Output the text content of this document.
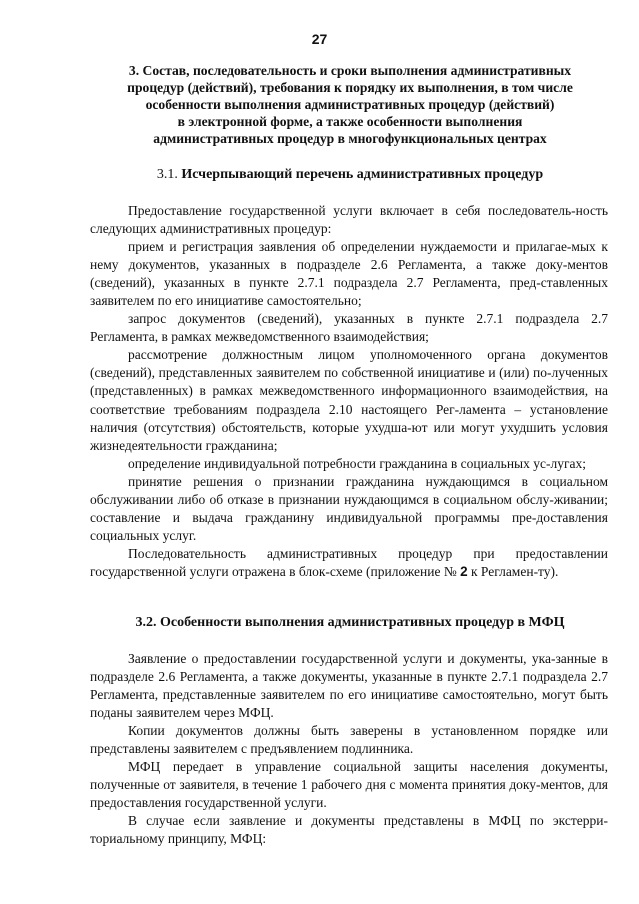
27
3. Состав, последовательность и сроки выполнения административных
процедур (действий), требования к порядку их выполнения, в том числе
особенности выполнения административных процедур (действий)
в электронной форме, а также особенности выполнения
административных процедур в многофункциональных центрах
3.1. Исчерпывающий перечень административных процедур

Предоставление государственной услуги включает в себя последователь-ность следующих административных процедур:

прием и регистрация заявления об определении нуждаемости и прилагае-мых к нему документов, указанных в подразделе 2.6 Регламента, а также доку-ментов (сведений), указанных в пункте 2.7.1 подраздела 2.7 Регламента, пред-ставленных заявителем по его инициативе самостоятельно;

запрос документов (сведений), указанных в пункте 2.7.1 подраздела 2.7 Регламента, в рамках межведомственного взаимодействия;

рассмотрение должностным лицом уполномоченного органа документов (сведений), представленных заявителем по собственной инициативе и (или) по-лученных (представленных) в рамках межведомственного информационного взаимодействия, на соответствие требованиям подраздела 2.10 настоящего Рег-ламента – установление наличия (отсутствия) обстоятельств, которые ухудша-ют или могут ухудшить условия жизнедеятельности гражданина;

определение индивидуальной потребности гражданина в социальных ус-лугах;

принятие решения о признании гражданина нуждающимся в социальном обслуживании либо об отказе в признании нуждающимся в социальном обслу-живании; составление и выдача гражданину индивидуальной программы пре-доставления социальных услуг.

Последовательность административных процедур при предоставлении государственной услуги отражена в блок-схеме (приложение № 2 к Регламен-ту).

3.2. Особенности выполнения административных процедур в МФЦ

Заявление о предоставлении государственной услуги и документы, ука-занные в подразделе 2.6 Регламента, а также документы, указанные в пункте 2.7.1 подраздела 2.7 Регламента, представленные заявителем по его инициативе самостоятельно, могут быть поданы заявителем через МФЦ.

Копии документов должны быть заверены в установленном порядке или представлены заявителем с предъявлением подлинника.

МФЦ передает в управление социальной защиты населения документы, полученные от заявителя, в течение 1 рабочего дня с момента принятия доку-ментов, для предоставления государственной услуги.

В случае если заявление и документы представлены в МФЦ по экстерри-ториальному принципу, МФЦ:
